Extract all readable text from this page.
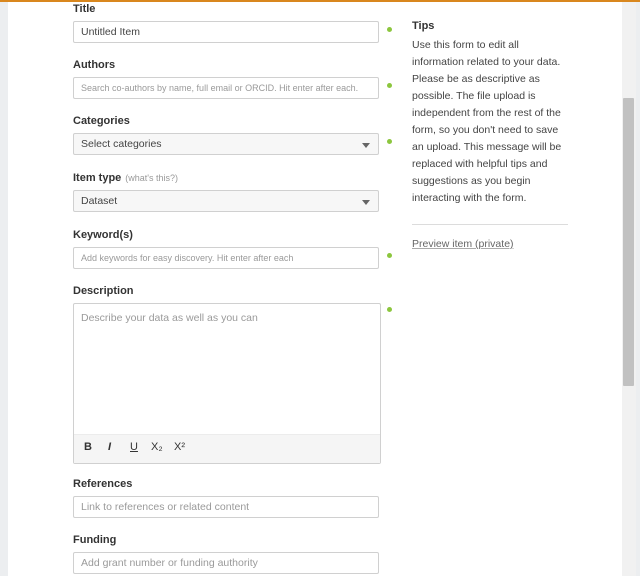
Title
Untitled Item
Authors
Search co-authors by name, full email or ORCID. Hit enter after each.
Categories
Select categories
Item type (what's this?)
Dataset
Keyword(s)
Add keywords for easy discovery. Hit enter after each
Description
Describe your data as well as you can
B I U X₂ X²
References
Link to references or related content
Funding
Add grant number or funding authority
Tips

Use this form to edit all information related to your data. Please be as descriptive as possible. The file upload is independent from the rest of the form, so you don't need to save an upload. This message will be replaced with helpful tips and suggestions as you begin interacting with the form.

Preview item (private)
